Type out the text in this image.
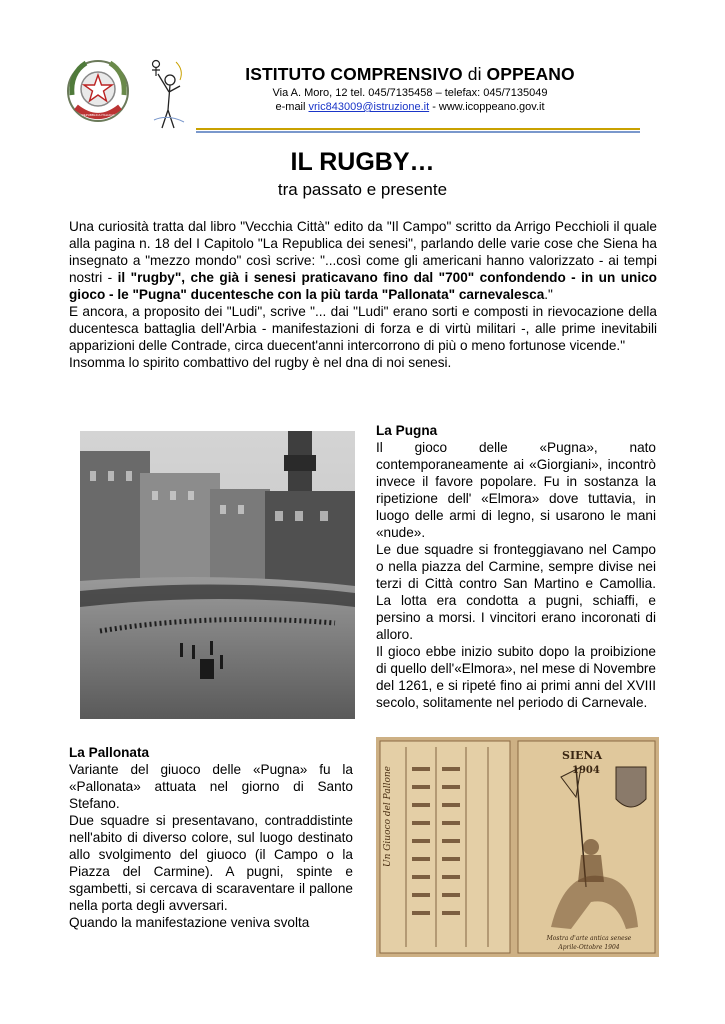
REPUBBLICA ITALIANA
ISTITUTO COMPRENSIVO di OPPEANO
Via A. Moro, 12 tel. 045/7135458 – telefax: 045/7135049
e-mail vric843009@istruzione.it - www.icoppeano.gov.it
IL RUGBY…
tra passato e presente

Una curiosità tratta dal libro "Vecchia Città" edito da "Il Campo" scritto da Arrigo Pecchioli il quale alla pagina n. 18 del I Capitolo "La Republica dei senesi", parlando delle varie cose che Siena ha insegnato a "mezzo mondo" così scrive: "...così come gli americani hanno valorizzato - ai tempi nostri - il "rugby", che già i senesi praticavano fino dal "700" confondendo - in un unico gioco - le "Pugna" ducentesche con la più tarda "Pallonata" carnevalesca."

E ancora, a proposito dei "Ludi", scrive "... dai "Ludi" erano sorti e composti in rievocazione della ducentesca battaglia dell'Arbia - manifestazioni di forza e di virtù militari -, alle prime inevitabili apparizioni delle Contrade, circa duecent'anni intercorrono di più o meno fortunose vicende."

Insomma lo spirito combattivo del rugby è nel dna di noi senesi.

La Pugna

Il gioco delle «Pugna», nato contemporaneamente ai «Giorgiani», incontrò invece il favore popolare. Fu in sostanza la ripetizione dell' «Elmora» dove tuttavia, in luogo delle armi di legno, si usarono le mani «nude».

Le due squadre si fronteggiavano nel Campo o nella piazza del Carmine, sempre divise nei terzi di Città contro San Martino e Camollia. La lotta era condotta a pugni, schiaffi, e persino a morsi. I vincitori erano incoronati di alloro.

Il gioco ebbe inizio subito dopo la proibizione di quello dell'«Elmora», nel mese di Novembre del 1261, e si ripeté fino ai primi anni del XVIII secolo, solitamente nel periodo di Carnevale.

La Pallonata

Variante del giuoco delle «Pugna» fu la «Pallonata» attuata nel giorno di Santo Stefano.

Due squadre si presentavano, contraddistinte nell'abito di diverso colore, sul luogo destinato allo svolgimento del giuoco (il Campo o la Piazza del Carmine). A pugni, spinte e sgambetti, si cercava di scaraventare il pallone nella porta degli avversari.

Quando la manifestazione veniva svolta

Un Giuoco del Pallone
SIENA
1904
Mostra d'arte antica senese
Aprile-Ottobre 1904
